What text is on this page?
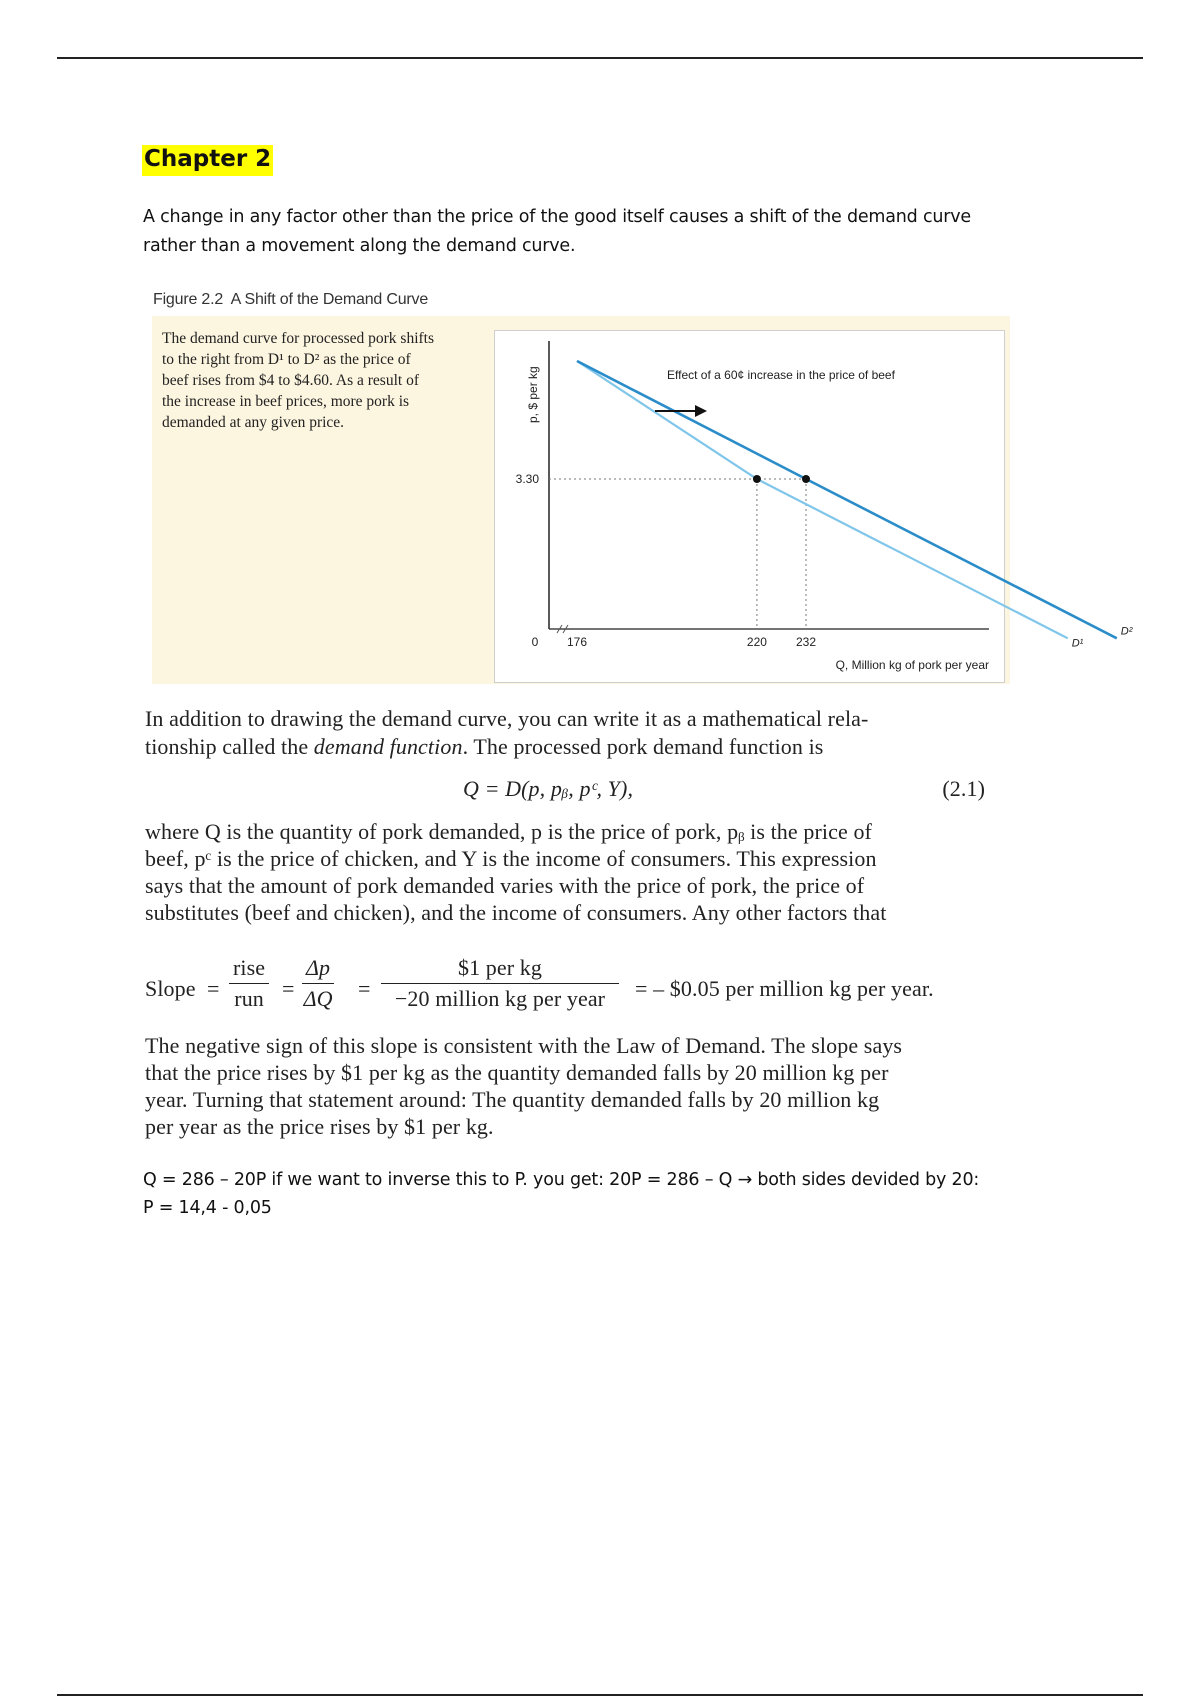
Chapter 2
A change in any factor other than the price of the good itself causes a shift of the demand curve
rather than a movement along the demand curve.
Figure 2.2 A Shift of the Demand Curve
The demand curve for processed pork shifts
to the right from D¹ to D² as the price of
beef rises from $4 to $4.60. As a result of
the increase in beef prices, more pork is
demanded at any given price.	p, $ per kg
3.30
0 176	220 232
Q, Million kg of pork per year
D¹
D²
Effect of a 60¢ increase in the price of beef
In addition to drawing the demand curve, you can write it as a mathematical rela-
tionship called the demand function. The processed pork demand function is
Q = D(p, pᵦ, pᶜ, Y),	(2.1)
where Q is the quantity of pork demanded, p is the price of pork, pᵦ is the price of
beef, pᶜ is the price of chicken, and Y is the income of consumers. This expression
says that the amount of pork demanded varies with the price of pork, the price of
substitutes (beef and chicken), and the income of consumers. Any other factors that
Slope =
rise
run = $\frac{\Delta p}{\Delta Q}$ =
$1 per kg
−20 million kg per year	= – $0.05 per million kg per year.
The negative sign of this slope is consistent with the Law of Demand. The slope says
that the price rises by $1 per kg as the quantity demanded falls by 20 million kg per
year. Turning that statement around: The quantity demanded falls by 20 million kg
per year as the price rises by $1 per kg.
Q = 286 – 20P if we want to inverse this to P. you get: 20P = 286 – Q → both sides devided by 20:
P = 14,4 - 0,05
